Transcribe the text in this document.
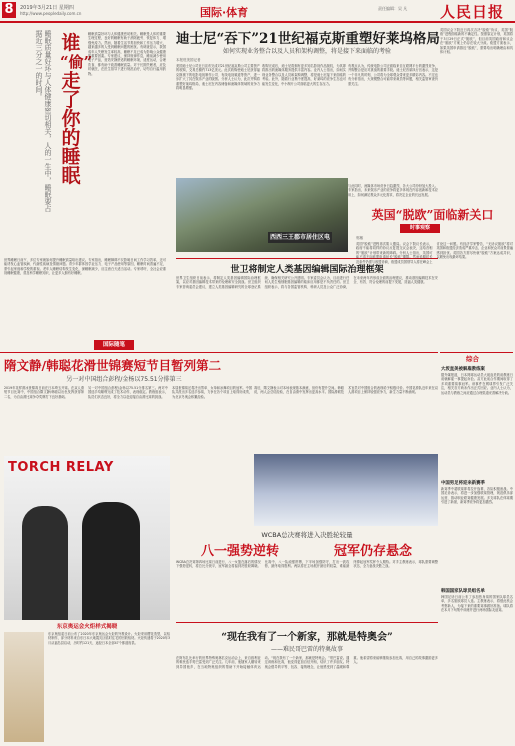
8	2019年3月21日 星期四
http://www.peopledaily.com.cn	国际·体育	责任编辑：吴 凡 人民日报
谁
“偷”
走了
你的
睡眠
睡眠质量好坏与人体健康密切相关，人的一生中，睡眠要占据近三分之一的时间。	睡眠质量好坏与人体健康密切相关。睡眠是人体的重要生理过程，良好的睡眠有助于消除疲劳、恢复体力、增强免疫力。然而，随着生活节奏加快和工作压力增大，越来越多的人受到睡眠问题的困扰。有调查显示，我国成年人失眠发生率较高，睡眠不足已成为影响公众健康的重要因素。专家建议，保持规律作息，睡前减少使用电子产品，营造安静舒适的睡眠环境，适度运动，合理饮食，都有助于改善睡眠质量。对于长期失眠者，应及时就医，在医生指导下进行规范治疗，切勿自行滥用药物。
世界睡眠日前夕，多位专家就如何提升睡眠质量给出建议。专家指出，睡眠障碍不仅影响日间工作学习效率，还可能诱发心血管疾病、代谢性疾病及情绪问题。青少年群体因学业压力、电子产品使用等原因，睡眠时间普遍不足，需引起家庭和学校的重视。老年人睡眠结构发生变化，深睡眠减少，应注意白天适当活动。专家呼吁，全社会应重视睡眠健康，普及科学睡眠知识，让更多人拥有好睡眠。
国际随笔
迪士尼“吞下”21世纪福克斯重塑好莱坞格局
如何实现业务整合以及人员和架构调整，将是接下来面临的考验
本报驻美国记者
美国迪士尼公司近日宣布完成对21世纪福克斯公司主要资产的收购，交易总额约713亿美元。此次收购使迪士尼获得福克斯旗下的电影电视制作公司、有线电视频道等资产，进一步扩大了其在娱乐产业的版图。分析人士认为，此次并购将重塑好莱坞格局，迪士尼在内容储备和流媒体领域的竞争力将明显增强。
收购完成后，迪士尼将拥有更多知名影视作品版权，为其即将推出的流媒体服务提供丰富内容。业内人士指出，如何实现业务整合以及人员和架构调整，将是迪士尼接下来面临的考验。此外，随着行业集中度提高，好莱坞的竞争生态也可能发生变化，中小制片公司面临更大的生存压力。
有观点认为，传统电影公司正面临来自互联网平台的激烈竞争，并购整合是应对挑战的重要手段。迪士尼首席执行官表示，这是一个非凡的时刻，公司将为全球观众带来更多精彩内容。不过也有分析指出，大规模整合可能带来裁员等问题，相关监管审查仍需关注。
西西三王郡市居住区电
与此同时，流媒体市场竞争日趋激烈，各大公司纷纷加大投入。专家指出，未来娱乐产业的竞争将更多体现在内容创新和技术应用上，如何满足观众多元化需求，将决定企业的长远发展。
世卫将制定人类基因编辑国际治理框架
世界卫生组织日前表示，将制定人类基因编辑国际治理框架，以应对基因编辑技术带来的伦理和安全挑战。世卫组织专家咨询委员会建议，建立人类基因编辑研究的全球登记系统，确保相关研究公开透明。专家委员会认为，目前进行任何人类生殖细胞基因编辑的临床应用都是不负责任的。世卫组织表示，将与各国监管机构、科研人员及公众广泛协商，在未来两年内形成全面的治理建议，推动基因编辑技术在安全、有效、符合伦理的前提下发展，造福人类健康。
英国议会下院近日再次否决“脱欧”协议，英国“脱欧”进程面临新的不确定性。按照原定计划，英国将于3月29日正式“脱欧”，但目前英国政府和议会在“脱欧”方案上仍存在较大分歧。欧盟方面表示，如果英国申请推迟“脱欧”，需要给出明确理由和具体计划。
英国“脱欧”面临新关口
时事观察
郭敏
英国“脱欧”进程再次陷入僵局。议会下院议长表示，政府不能将同样的协议反复提交议会表决，这给首相的“脱欧”计划带来新的障碍。分析人士指出，英国可能不得不向欧盟申请延长“脱欧”期限。然而延期时长及条件仍需与欧盟协商，欧盟成员国领导人将在峰会上讨论这一问题。有经济学家警告，“无协议脱欧”将对英国和欧盟经济造成严重冲击，企业和民众对前景普遍感到担忧。英国各方需尽快就“脱欧”方案达成共识，以避免出现最坏结果。
综合
大坂直美被解雇教练案
据外媒报道，日本网球运动员大坂直美的前教练日前就解雇一事提起诉讼。双方此前合作期间取得了多项重要赛事冠军。该事件在网球界引发广泛关注，相关各方尚未作出正式回应。业内人士认为，运动员与教练之间应通过合理渠道妥善解决分歧。
中国男足将迎来新赛季
新赛季中超联赛即将拉开战幕，各队积极备战。中国足协表示，将进一步加强联赛管理，规范俱乐部运营，推动职业联赛健康发展。多支球队在休赛期引进了新援，新赛季竞争将更加激烈。
韩国国家队球员组名单
韩国足协日前公布了参加热身赛的国家队球员名单，多名旅欧球员入选。主教练表示，将借此机会考察新人，为接下来的重要赛事做好准备。球队将在本月下旬集中训练并进行两场国际友谊赛。
隋文静/韩聪花滑世锦赛短节目暂列第二
另一对中国组合彭程/金杨以75.51分排第三
2019年花样滑冰世锦赛日前在日本埼玉开赛。在双人滑短节目比赛中，中国组合隋文静/韩聪以出色发挥获得第二名，为自由滑比赛争夺奖牌打下良好基础。
另一对中国组合彭程/金杨以75.51分排名第三。两对中国选手均顺利完成了技术动作，表现稳定。教练组表示，队员们状态良好，将全力以赴迎接自由滑比赛的挑战。
本届世锦赛还将决出男单、女单和冰舞项目的冠军。中国队共派出多名选手参赛，力争在各个项目上取得好成绩，为北京冬奥会积累经验。
赛后，隋文静表示对本场表现基本满意，但仍有提升空间。韩聪说，两人会总结经验，在自由滑中发挥出更高水平。国际滑联技术官员对中国组合的表现给予积极评价。中国花滑队近年来在双人滑项目上保持较强竞争力，新生力量不断涌现。
TORCH RELAY
东京奥运会火炬样式揭晓
东京奥组委日前公布了2020年东京奥运会火炬的外观设计。火炬采用樱花造型，以铝材制作，部分材料来自东日本大地震灾区临时住宅的回收铝材。火炬传递将于2020年3月从福岛县启动，历时约121天，途经日本全部47个都道府县。
WCBA总决赛将进入决胜轮较量
八一强势逆转	冠军仍存悬念
WCBA总决赛第四场比赛日前进行，八一女篮在落后的情况下强势逆转，将总比分扳平，冠军悬念将留到决胜轮揭晓。比赛中，八一队顽强拼搏，下半场加强防守，打出一波攻势，最终取得胜利。两队将在主场展开最后的较量，谁能最终捧起冠军奖杯令人期待。对手主教练表示，球队需要调整状态，全力备战决胜之战。
“现在我有了一个新家，那就是特奥会”
——难民哥巴雷的特奥故事
在阿布扎比举行的世界特殊奥林匹克运动会上，来自叙利亚的难民选手哥巴雷受到广泛关注。几年前，他随家人辗转来到异国他乡，在当地特奥组织的帮助下开始接触体育运动。“现在我有了一个新家，那就是特奥会。”哥巴雷说。通过训练和比赛，他变得更加自信开朗，结识了许多朋友。特奥会倡导的平等、包容、接纳理念，让他感受到了温暖和尊重。他希望将来能够继续参加比赛，用自己的故事激励更多人。
